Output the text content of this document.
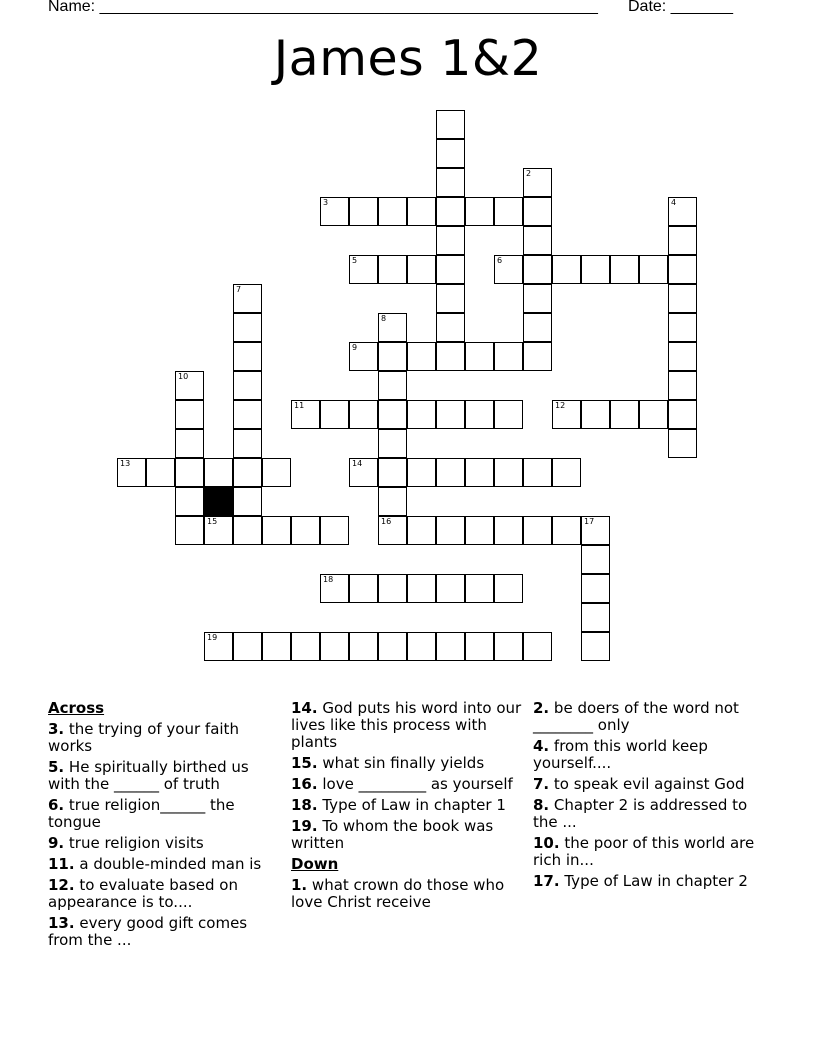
Name: ________________________________________________________ Date: _______
James 1&2
2
3	4
5	6
7
8
16
9
10
11	12
13	14
15	17
18
19
Across
3. the trying of your faith works
5. He spiritually birthed us with the ______ of truth
6. true religion______ the tongue
9. true religion visits
11. a double-minded man is
12. to evaluate based on appearance is to....
13. every good gift comes from the ...
14. God puts his word into our lives like this process with plants
15. what sin finally yields
16. love _________ as yourself
18. Type of Law in chapter 1
19. To whom the book was written
Down
1. what crown do those who love Christ receive
2. be doers of the word not ________ only
4. from this world keep yourself....
7. to speak evil against God
8. Chapter 2 is addressed to the ...
10. the poor of this world are rich in...
17. Type of Law in chapter 2
